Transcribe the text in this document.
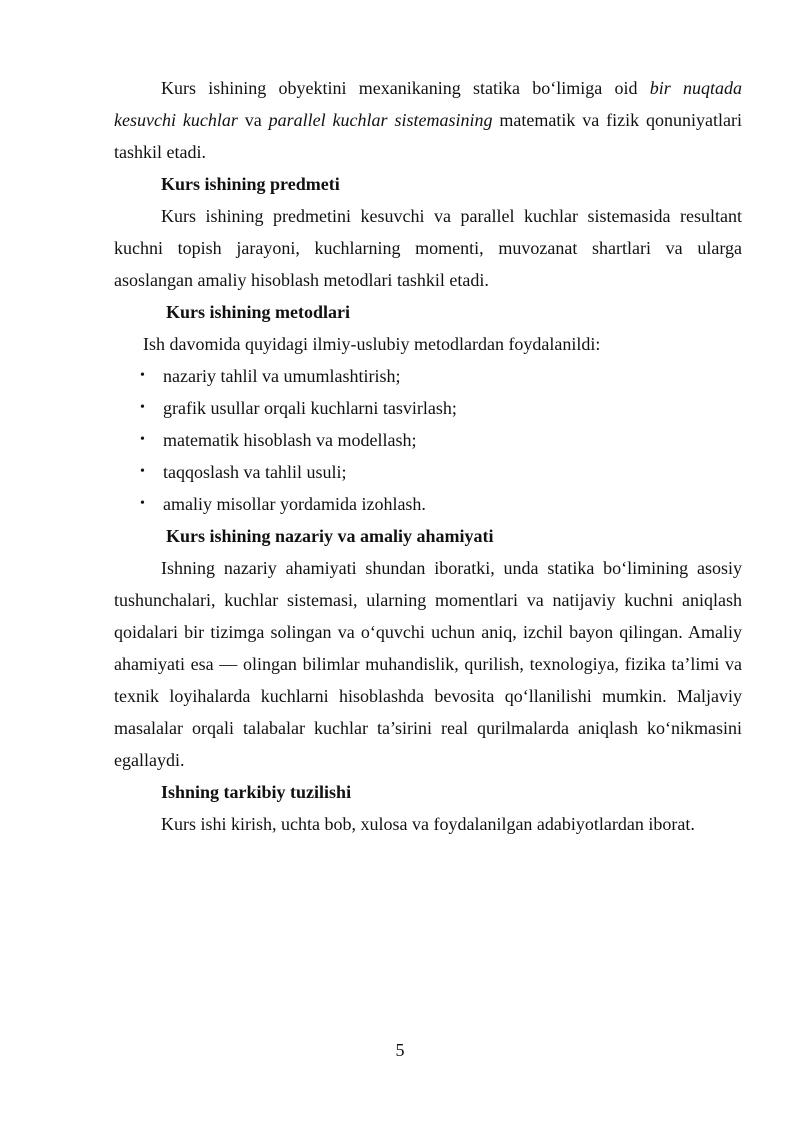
Kurs ishining obyektini mexanikaning statika bo‘limiga oid bir nuqtada kesuvchi kuchlar va parallel kuchlar sistemasining matematik va fizik qonuniyatlari tashkil etadi.

Kurs ishining predmeti

Kurs ishining predmetini kesuvchi va parallel kuchlar sistemasida resultant kuchni topish jarayoni, kuchlarning momenti, muvozanat shartlari va ularga asoslangan amaliy hisoblash metodlari tashkil etadi.

Kurs ishining metodlari

Ish davomida quyidagi ilmiy-uslubiy metodlardan foydalanildi:

• nazariy tahlil va umumlashtirish;
• grafik usullar orqali kuchlarni tasvirlash;
• matematik hisoblash va modellash;
• taqqoslash va tahlil usuli;
• amaliy misollar yordamida izohlash.

Kurs ishining nazariy va amaliy ahamiyati

Ishning nazariy ahamiyati shundan iboratki, unda statika bo‘limining asosiy tushunchalari, kuchlar sistemasi, ularning momentlari va natijaviy kuchni aniqlash qoidalari bir tizimga solingan va o‘quvchi uchun aniq, izchil bayon qilingan. Amaliy ahamiyati esa — olingan bilimlar muhandislik, qurilish, texnologiya, fizika ta’limi va texnik loyihalarda kuchlarni hisoblashda bevosita qo‘llanilishi mumkin. Maljaviy masalalar orqali talabalar kuchlar ta’sirini real qurilmalarda aniqlash ko‘nikmasini egallaydi.

Ishning tarkibiy tuzilishi

Kurs ishi kirish, uchta bob, xulosa va foydalanilgan adabiyotlardan iborat.

5
